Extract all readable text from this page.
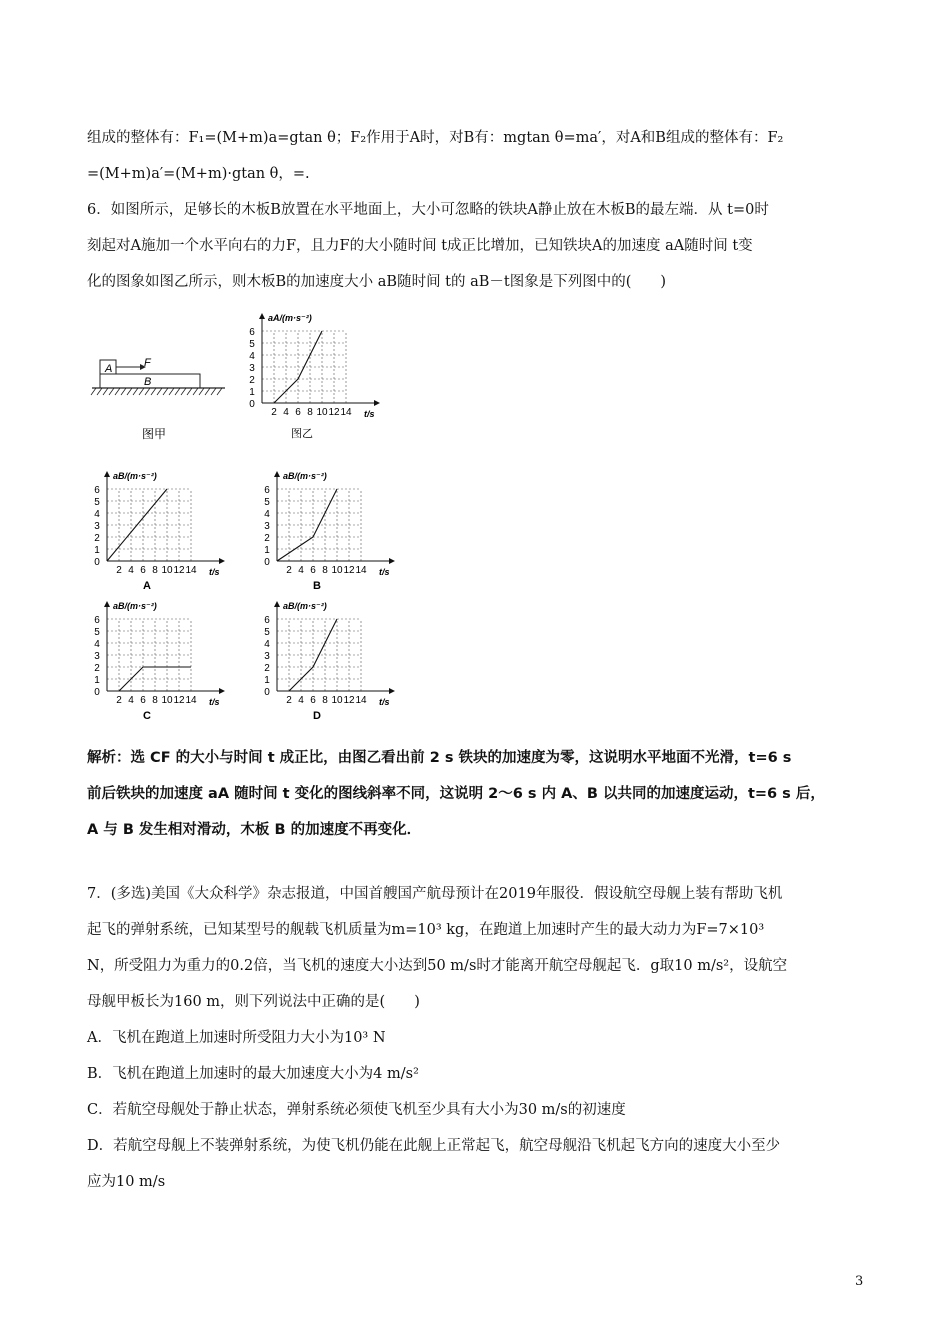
组成的整体有：F₁=(M+m)a=gtan θ；F₂作用于A时，对B有：mgtan θ=ma′，对A和B组成的整体有：F₂
=(M+m)a′=(M+m)·gtan θ，=.
6．如图所示，足够长的木板B放置在水平地面上，大小可忽略的铁块A静止放在木板B的最左端．从 t=0时
刻起对A施加一个水平向右的力F，且力F的大小随时间 t成正比增加，已知铁块A的加速度 aA随时间 t变
化的图象如图乙所示，则木板B的加速度大小 aB随时间 t的 aB－t图象是下列图中的(　　)
A	F
B
图甲
0
1
2
3
4
5
6
2 4 6 8 10 12 14
aA/(m·s⁻²)
t/s
图乙
0
1
2
3
4
5
6
2 4 6 8 10 12 14
aB/(m·s⁻²)
t/s
A
0
1
2
3
4
5
6
2 4 6 8 10 12 14
aB/(m·s⁻²)
t/s
B
0
1
2
3
4
5
6
2 4 6 8 10 12 14
aB/(m·s⁻²)
t/s
C
0
1
2
3
4
5
6
2 4 6 8 10 12 14
aB/(m·s⁻²)
t/s
D
解析：选 CF 的大小与时间 t 成正比，由图乙看出前 2 s 铁块的加速度为零，这说明水平地面不光滑，t=6 s
前后铁块的加速度 aA 随时间 t 变化的图线斜率不同，这说明 2～6 s 内 A、B 以共同的加速度运动，t=6 s 后，
A 与 B 发生相对滑动，木板 B 的加速度不再变化．
7．(多选)美国《大众科学》杂志报道，中国首艘国产航母预计在2019年服役．假设航空母舰上装有帮助飞机
起飞的弹射系统，已知某型号的舰载飞机质量为m=10³ kg，在跑道上加速时产生的最大动力为F=7×10³
N，所受阻力为重力的0.2倍，当飞机的速度大小达到50 m/s时才能离开航空母舰起飞．g取10 m/s²，设航空
母舰甲板长为160 m，则下列说法中正确的是(　　)
A．飞机在跑道上加速时所受阻力大小为10³ N
B．飞机在跑道上加速时的最大加速度大小为4 m/s²
C．若航空母舰处于静止状态，弹射系统必须使飞机至少具有大小为30 m/s的初速度
D．若航空母舰上不装弹射系统，为使飞机仍能在此舰上正常起飞，航空母舰沿飞机起飞方向的速度大小至少
应为10 m/s
3
